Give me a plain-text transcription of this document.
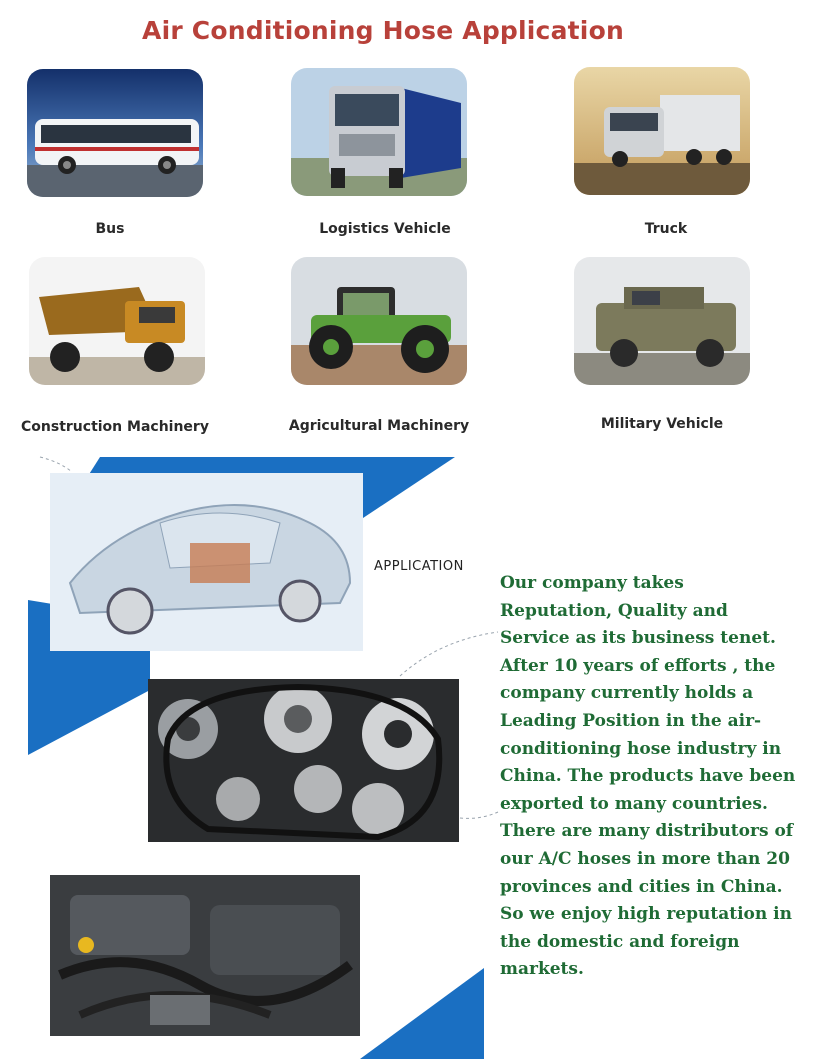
Air Conditioning Hose Application
Bus	Logistics Vehicle	Truck
Construction Machinery	Agricultural Machinery	Military Vehicle
APPLICATION
Our company takes Reputation, Quality and Service as its business tenet. After 10 years of efforts , the company currently holds a Leading Position in the air-conditioning hose industry in China. The products have been exported to many countries. There are many distributors of our A/C hoses in more than 20 provinces and cities in China. So we enjoy high reputation in the domestic and foreign markets.
